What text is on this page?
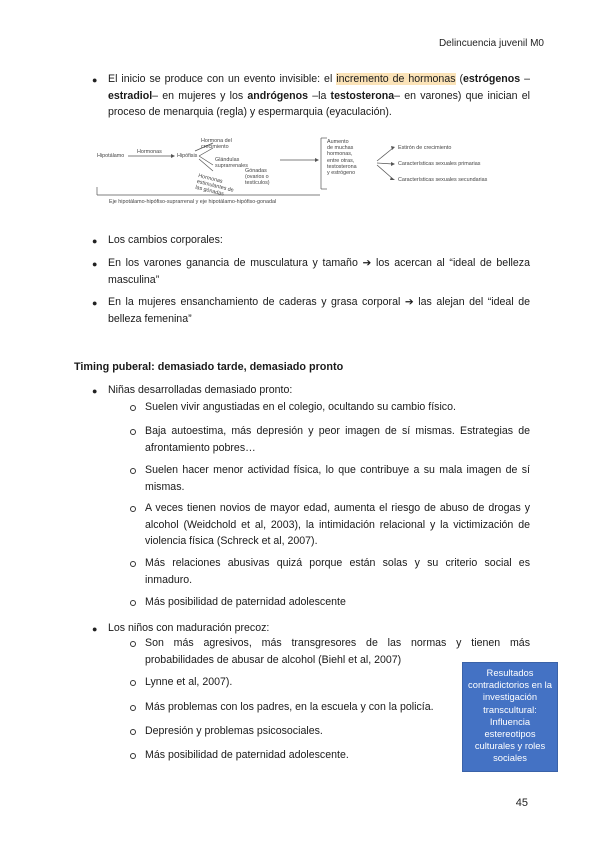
Delincuencia juvenil M0
● El inicio se produce con un evento invisible: el incremento de hormonas (estrógenos –estradiol– en mujeres y los andrógenos –la testosterona– en varones) que inician el proceso de menarquia (regla) y espermarquia (eyaculación).
Hipotálamo
Hormonas
Hipófisis
Hormona del
crecimiento
Glándulas
suprarrenales
Hormonas
estimulantes de
las gónadas
Gónadas
(ovarios o
testículos)
Aumento
de muchas
hormonas,
entre otras,
testosterona
y estrógeno
Estirón de crecimiento
Características sexuales primarias
Características sexuales secundarias
Eje hipotálamo-hipófiso-suprarrenal y eje hipotálamo-hipófiso-gonadal
● Los cambios corporales:
● En los varones ganancia de musculatura y tamaño ➔ los acercan al “ideal de belleza masculina”
● En la mujeres ensanchamiento de caderas y grasa corporal ➔ las alejan del “ideal de belleza femenina”
Timing puberal: demasiado tarde, demasiado pronto
● Niñas desarrolladas demasiado pronto:
Suelen vivir angustiadas en el colegio, ocultando su cambio físico.
Baja autoestima, más depresión y peor imagen de sí mismas. Estrategias de afrontamiento pobres…
Suelen hacer menor actividad física, lo que contribuye a su mala imagen de sí mismas.
A veces tienen novios de mayor edad, aumenta el riesgo de abuso de drogas y alcohol (Weidchold et al, 2003), la intimidación relacional y la victimización de violencia física (Schreck et al, 2007).
Más relaciones abusivas quizá porque están solas y su criterio social es inmaduro.
Más posibilidad de paternidad adolescente
● Los niños con maduración precoz:
Son más agresivos, más transgresores de las normas y tienen más probabilidades de abusar de alcohol (Biehl et al, 2007)
Lynne et al, 2007).
Más problemas con los padres, en la escuela y con la policía.
Depresión y problemas psicosociales.
Más posibilidad de paternidad adolescente.
Resultados
contradictorios en la
investigación
transcultural:
Influencia
estereotipos
culturales y roles
sociales
45
